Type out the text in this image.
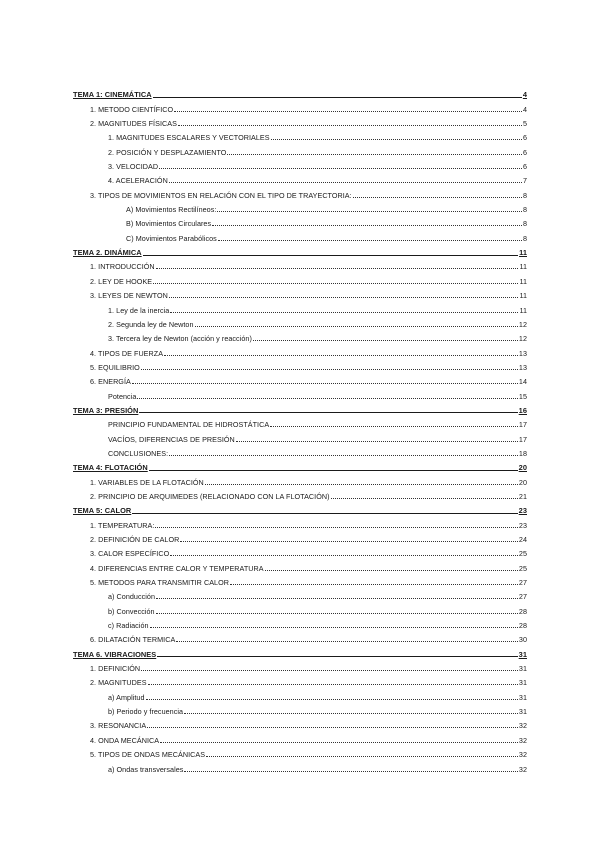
TEMA 1: CINEMÁTICA	4
1. METODO CIENTÍFICO	4
2. MAGNITUDES FÍSICAS	5
1. MAGNITUDES ESCALARES Y VECTORIALES	6
2. POSICIÓN Y DESPLAZAMIENTO	6
3. VELOCIDAD	6
4. ACELERACIÓN	7
3. TIPOS DE MOVIMIENTOS EN RELACIÓN CON EL TIPO DE TRAYECTORIA:	8
A) Movimientos Rectilíneos:	8
B) Movimientos Circulares	8
C) Movimientos Parabólicos	8
TEMA 2. DINÁMICA	11
1. INTRODUCCIÓN	11
2. LEY DE HOOKE	11
3. LEYES DE NEWTON	11
1. Ley de la inercia	11
2. Segunda ley de Newton	12
3. Tercera ley de Newton (acción y reacción)	12
4. TIPOS DE FUERZA	13
5. EQUILIBRIO	13
6. ENERGÍA	14
Potencia	15
TEMA 3: PRESIÓN	16
PRINCIPIO FUNDAMENTAL DE HIDROSTÁTICA	17
VACÍOS, DIFERENCIAS DE PRESIÓN	17
CONCLUSIONES:	18
TEMA 4: FLOTACIÓN	20
1. VARIABLES DE LA FLOTACIÓN	20
2. PRINCIPIO DE ARQUIMEDES (RELACIONADO CON LA FLOTACIÓN)	21
TEMA 5: CALOR	23
1. TEMPERATURA:	23
2. DEFINICIÓN DE CALOR	24
3. CALOR ESPECÍFICO	25
4. DIFERENCIAS ENTRE CALOR Y TEMPERATURA	25
5. METODOS PARA TRANSMITIR CALOR	27
a) Conducción	27
b) Convección	28
c) Radiación	28
6. DILATACIÓN TERMICA	30
TEMA 6. VIBRACIONES	31
1. DEFINICIÓN	31
2. MAGNITUDES	31
a) Amplitud	31
b) Periodo y frecuencia	31
3. RESONANCIA	32
4. ONDA MECÁNICA	32
5. TIPOS DE ONDAS MECÁNICAS	32
a) Ondas transversales	32
